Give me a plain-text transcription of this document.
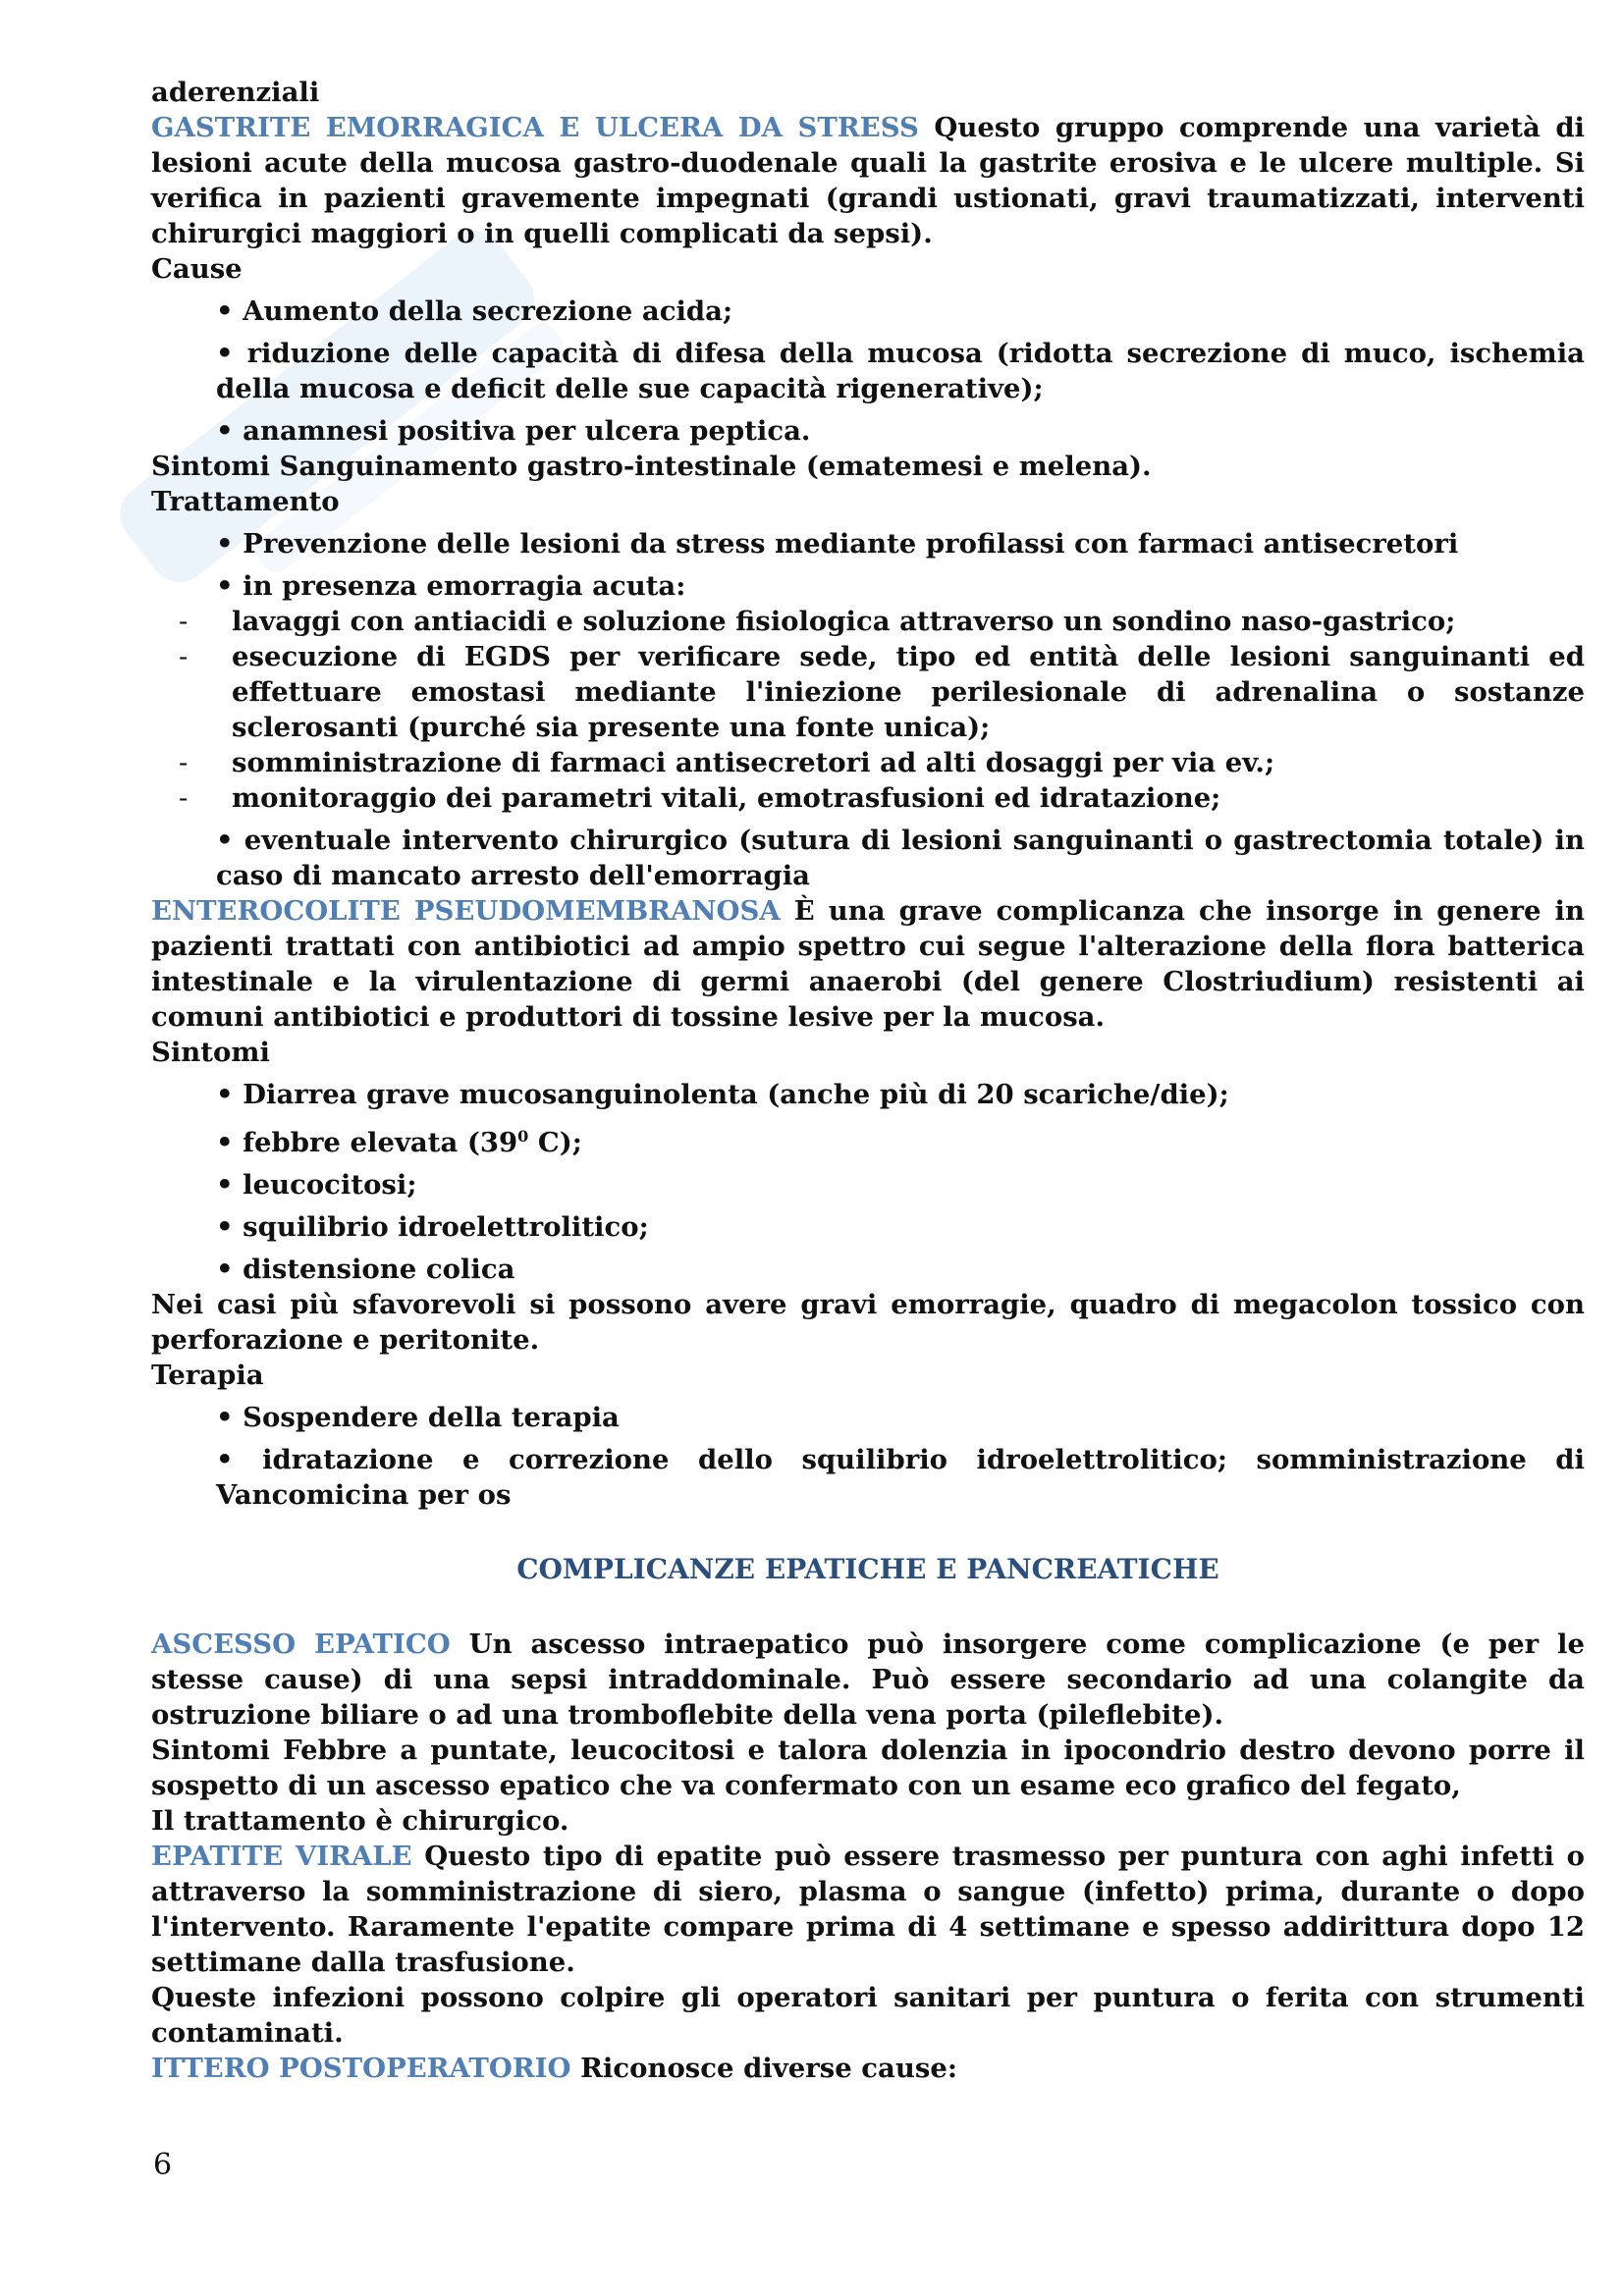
aderenziali

GASTRITE EMORRAGICA E ULCERA DA STRESS Questo gruppo comprende una varietà di lesioni acute della mucosa gastro-duodenale quali la gastrite erosiva e le ulcere multiple. Si verifica in pazienti gravemente impegnati (grandi ustionati, gravi traumatizzati, interventi chirurgici maggiori o in quelli complicati da sepsi).

Cause

• Aumento della secrezione acida;
• riduzione delle capacità di difesa della mucosa (ridotta secrezione di muco, ischemia della mucosa e deficit delle sue capacità rigenerative);
• anamnesi positiva per ulcera peptica.

Sintomi Sanguinamento gastro-intestinale (ematemesi e melena).

Trattamento

• Prevenzione delle lesioni da stress mediante profilassi con farmaci antisecretori
• in presenza emorragia acuta:
- lavaggi con antiacidi e soluzione fisiologica attraverso un sondino naso-gastrico;
- esecuzione di EGDS per verificare sede, tipo ed entità delle lesioni sanguinanti ed effettuare emostasi mediante l'iniezione perilesionale di adrenalina o sostanze sclerosanti (purché sia presente una fonte unica);
- somministrazione di farmaci antisecretori ad alti dosaggi per via ev.;
- monitoraggio dei parametri vitali, emotrasfusioni ed idratazione;
• eventuale intervento chirurgico (sutura di lesioni sanguinanti o gastrectomia totale) in caso di mancato arresto dell'emorragia

ENTEROCOLITE PSEUDOMEMBRANOSA È una grave complicanza che insorge in genere in pazienti trattati con antibiotici ad ampio spettro cui segue l'alterazione della flora batterica intestinale e la virulentazione di germi anaerobi (del genere Clostriudium) resistenti ai comuni antibiotici e produttori di tossine lesive per la mucosa.

Sintomi

• Diarrea grave mucosanguinolenta (anche più di 20 scariche/die);
• febbre elevata ($39^0$ C);
• leucocitosi;
• squilibrio idroelettrolitico;
• distensione colica

Nei casi più sfavorevoli si possono avere gravi emorragie, quadro di megacolon tossico con perforazione e peritonite.

Terapia

• Sospendere della terapia
• idratazione e correzione dello squilibrio idroelettrolitico; somministrazione di Vancomicina per os
COMPLICANZE EPATICHE E PANCREATICHE

ASCESSO EPATICO Un ascesso intraepatico può insorgere come complicazione (e per le stesse cause) di una sepsi intraddominale. Può essere secondario ad una colangite da ostruzione biliare o ad una tromboflebite della vena porta (pileflebite).

Sintomi Febbre a puntate, leucocitosi e talora dolenzia in ipocondrio destro devono porre il sospetto di un ascesso epatico che va confermato con un esame eco grafico del fegato,

Il trattamento è chirurgico.

EPATITE VIRALE Questo tipo di epatite può essere trasmesso per puntura con aghi infetti o attraverso la somministrazione di siero, plasma o sangue (infetto) prima, durante o dopo l'intervento. Raramente l'epatite compare prima di 4 settimane e spesso addirittura dopo 12 settimane dalla trasfusione.

Queste infezioni possono colpire gli operatori sanitari per puntura o ferita con strumenti contaminati.

ITTERO POSTOPERATORIO Riconosce diverse cause:

6
